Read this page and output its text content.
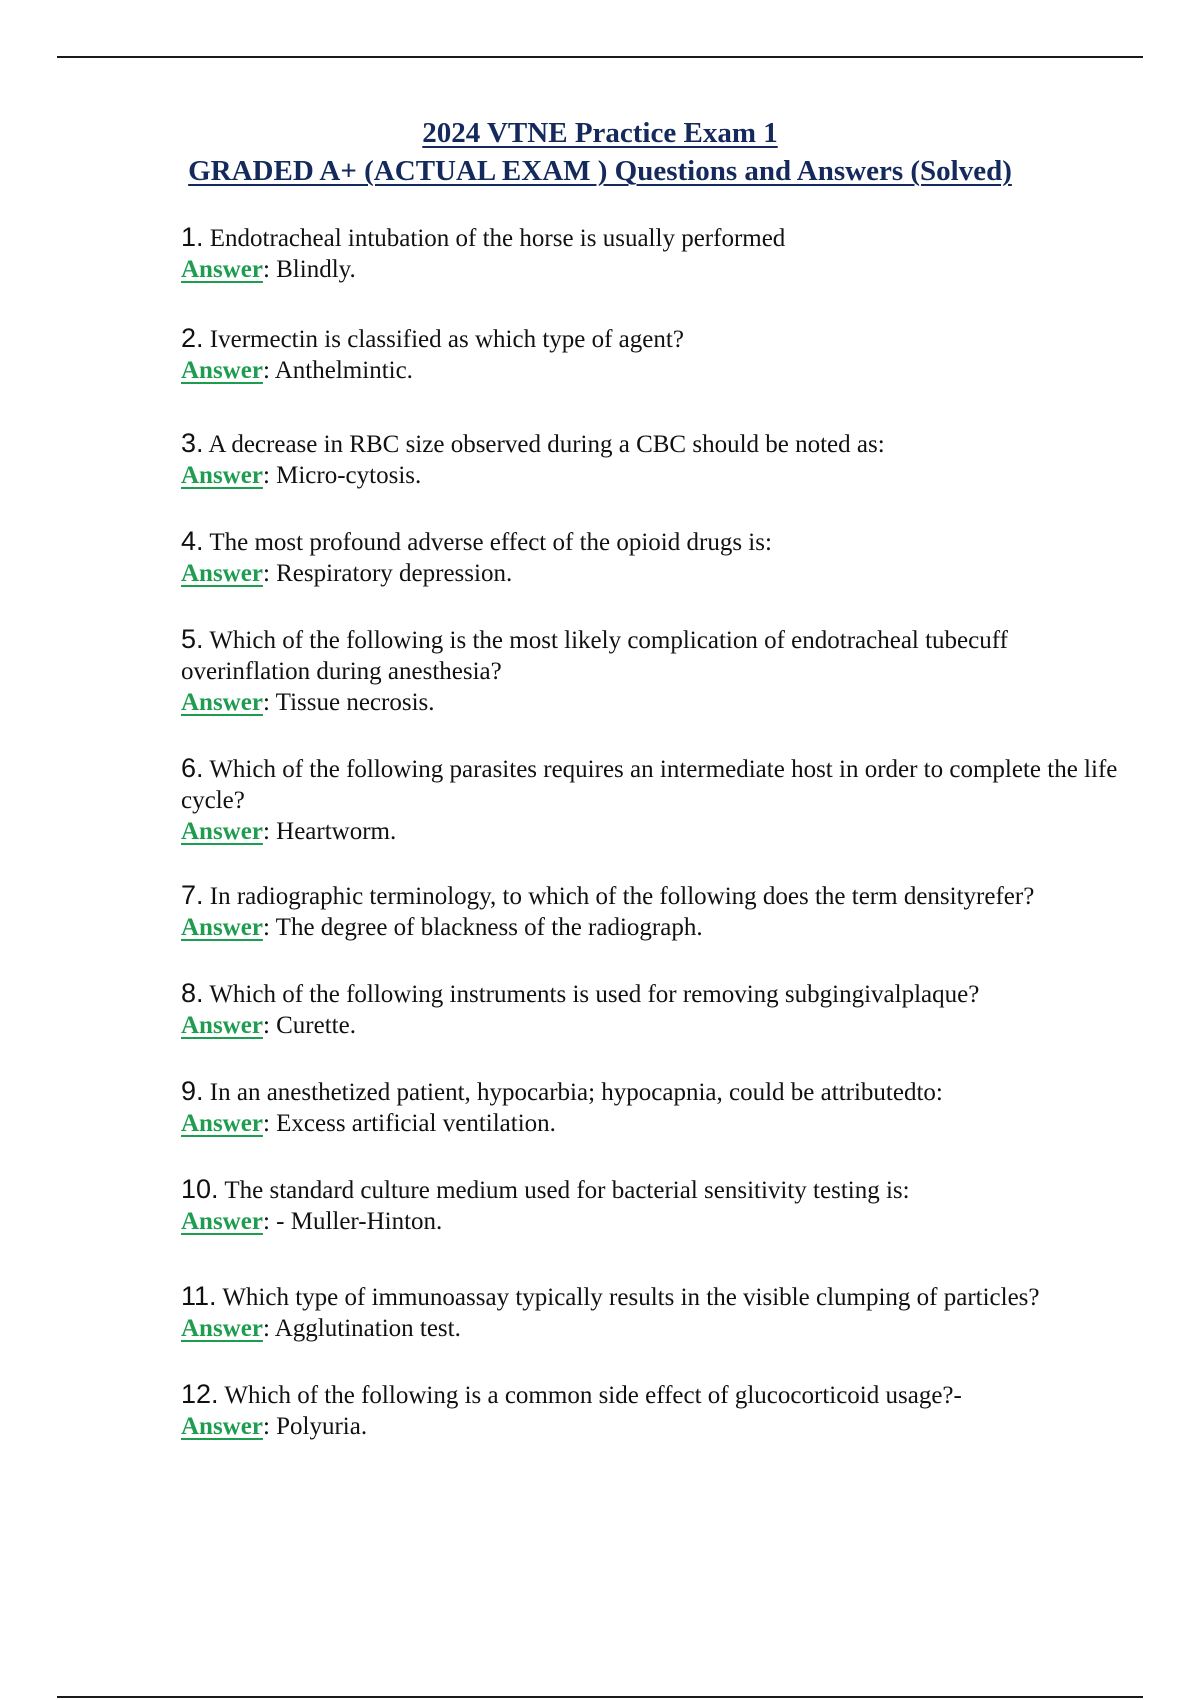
2024 VTNE Practice Exam 1
GRADED A+ (ACTUAL EXAM ) Questions and Answers (Solved)
1. Endotracheal intubation of the horse is usually performed
Answer: Blindly.
2. Ivermectin is classified as which type of agent?
Answer: Anthelmintic.
3. A decrease in RBC size observed during a CBC should be noted as:
Answer: Micro-cytosis.
4. The most profound adverse effect of the opioid drugs is:
Answer: Respiratory depression.
5. Which of the following is the most likely complication of endotracheal tubecuff overinflation during anesthesia?
Answer: Tissue necrosis.
6. Which of the following parasites requires an intermediate host in order to complete the life cycle?
Answer: Heartworm.
7. In radiographic terminology, to which of the following does the term densityrefer?
Answer: The degree of blackness of the radiograph.
8. Which of the following instruments is used for removing subgingivalplaque?
Answer: Curette.
9. In an anesthetized patient, hypocarbia; hypocapnia, could be attributedto:
Answer: Excess artificial ventilation.
10. The standard culture medium used for bacterial sensitivity testing is:
Answer: - Muller-Hinton.
11. Which type of immunoassay typically results in the visible clumping of particles?
Answer: Agglutination test.
12. Which of the following is a common side effect of glucocorticoid usage?-
Answer: Polyuria.
